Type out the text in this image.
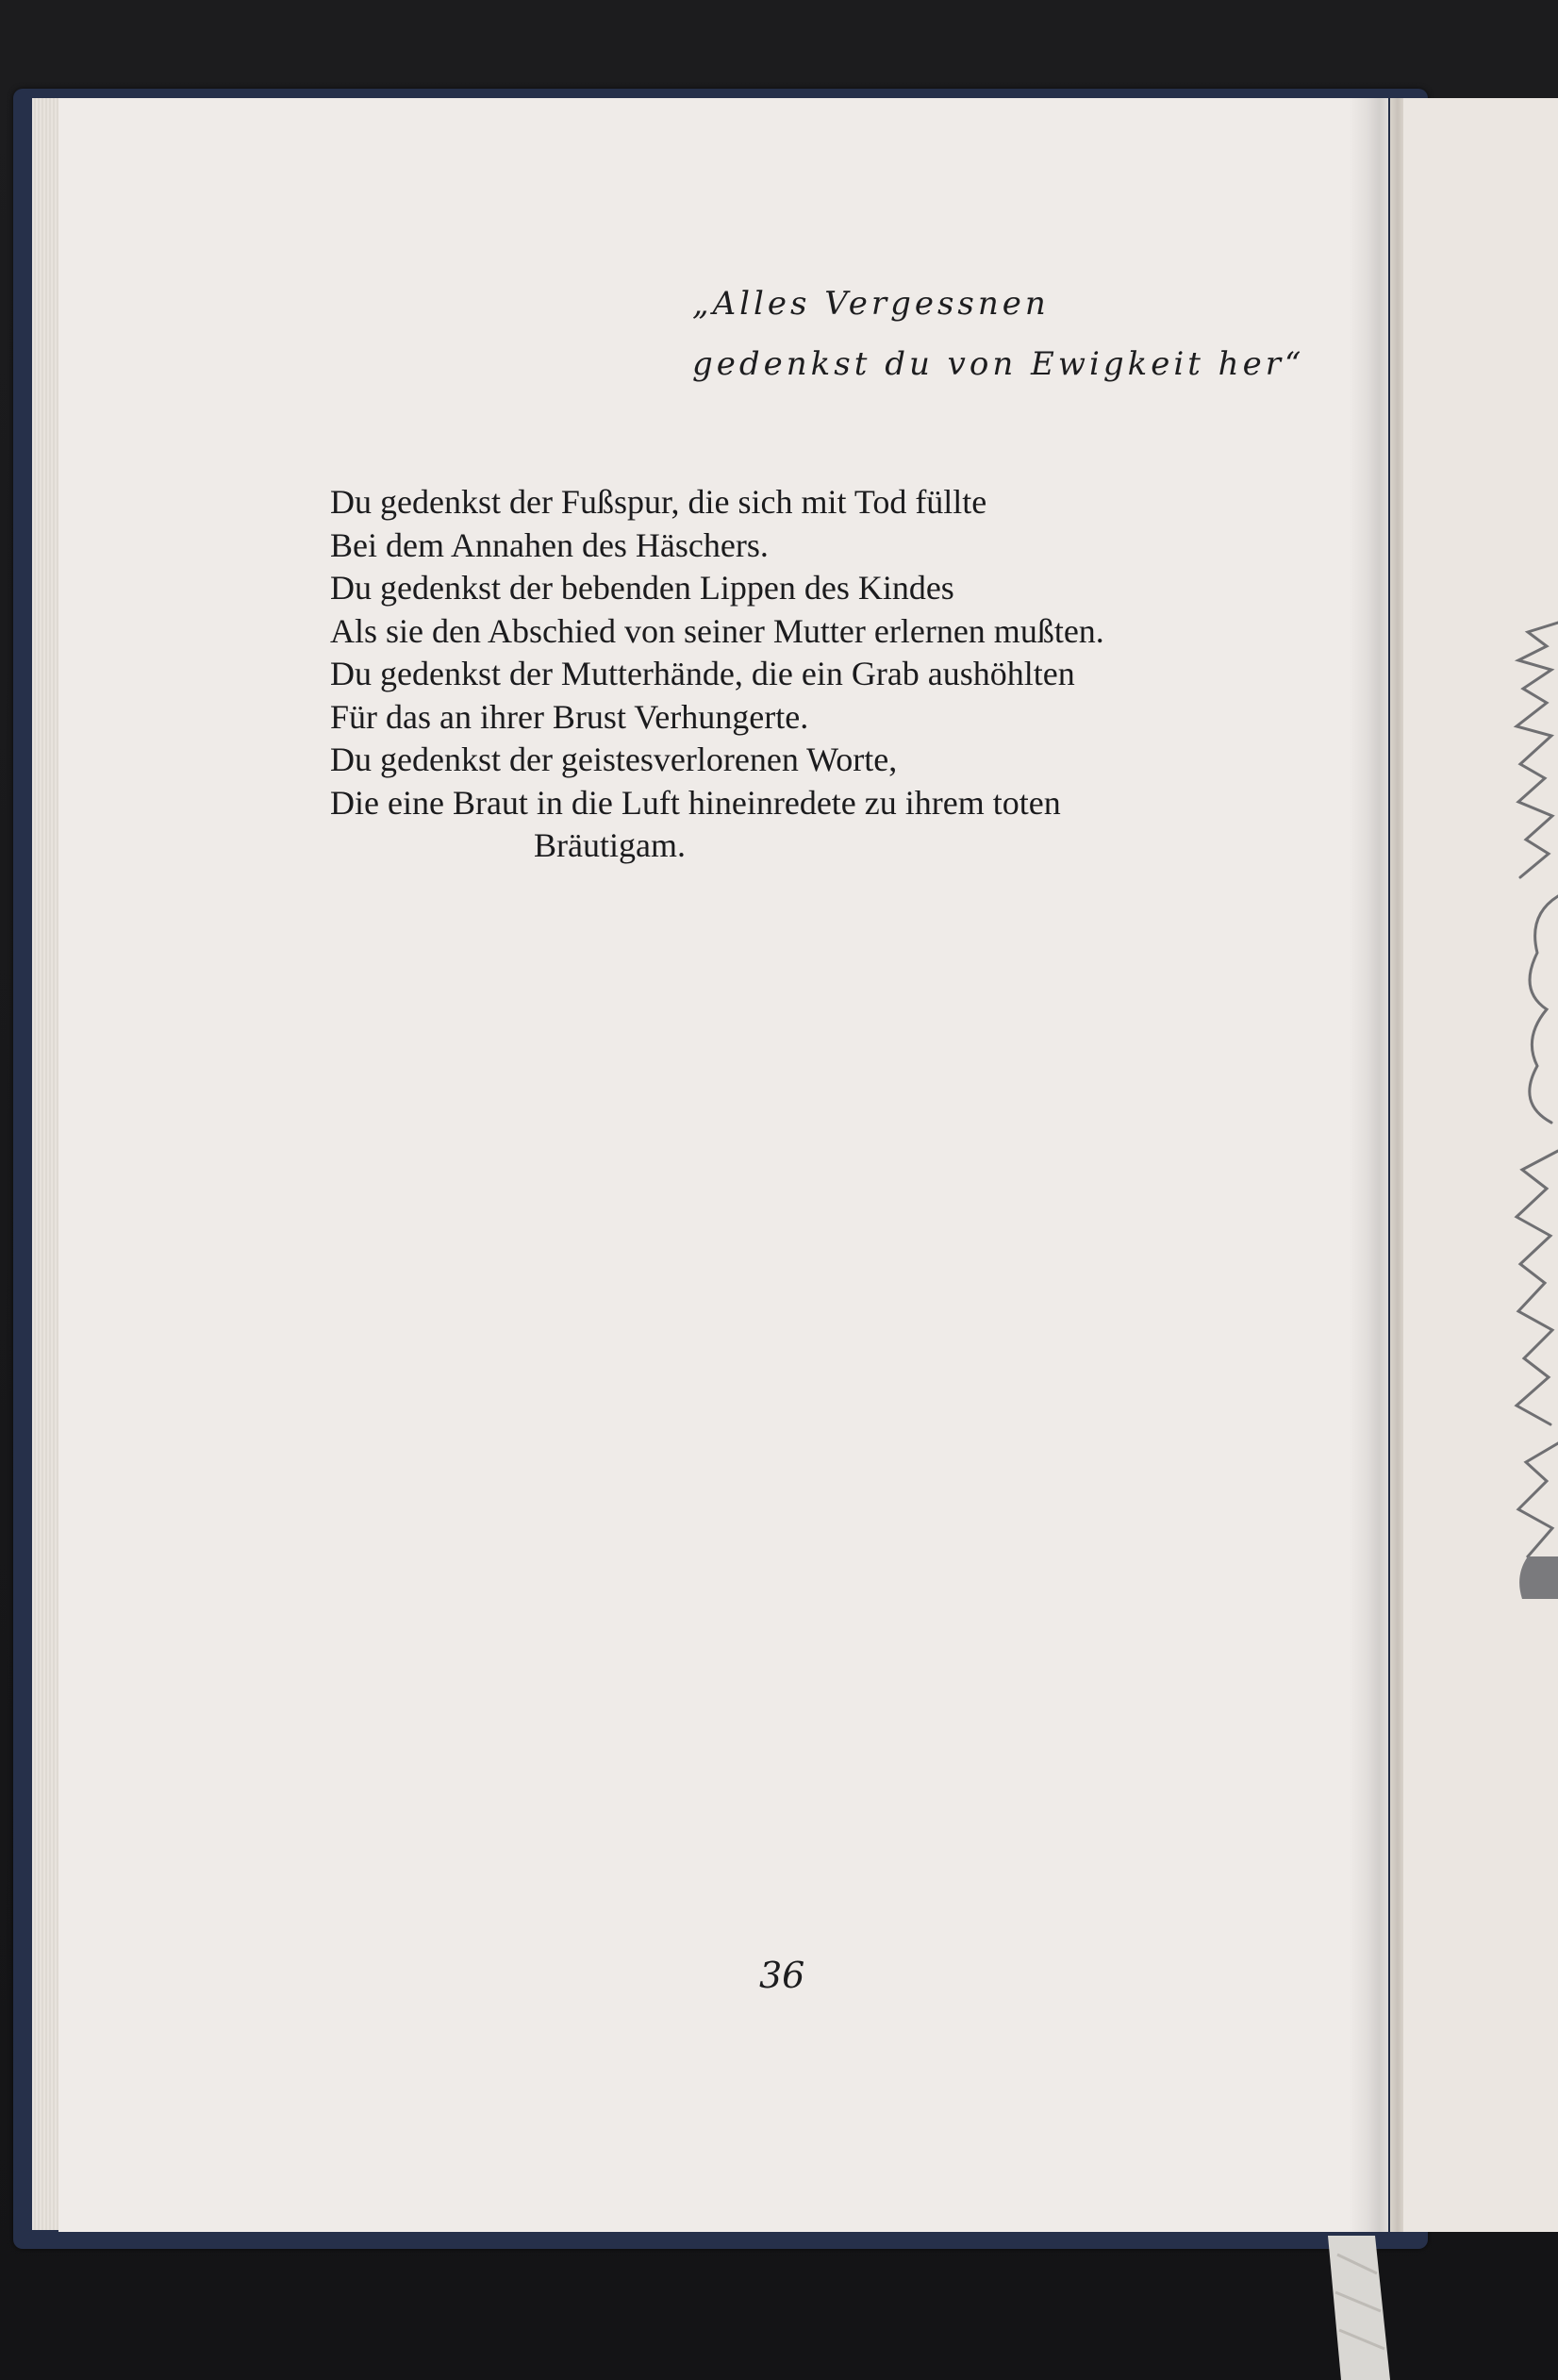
„Alles Vergessnen
gedenkst du von Ewigkeit her“
Du gedenkst der Fußspur, die sich mit Tod füllte
Bei dem Annahen des Häschers.
Du gedenkst der bebenden Lippen des Kindes
Als sie den Abschied von seiner Mutter erlernen mußten.
Du gedenkst der Mutterhände, die ein Grab aushöhlten
Für das an ihrer Brust Verhungerte.
Du gedenkst der geistesverlorenen Worte,
Die eine Braut in die Luft hineinredete zu ihrem toten
Bräutigam.
36
